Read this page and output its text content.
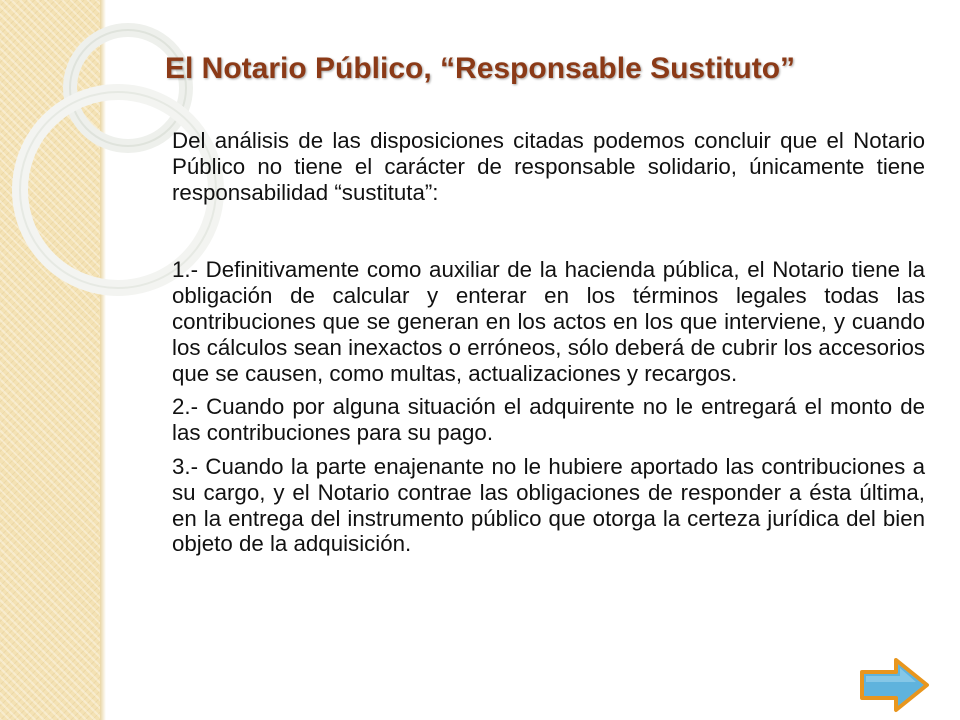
El Notario Público, “Responsable Sustituto”

Del análisis de las disposiciones citadas podemos concluir que el Notario Público no tiene el carácter de responsable solidario, únicamente tiene responsabilidad “sustituta”:

1.- Definitivamente como auxiliar de la hacienda pública, el Notario tiene la obligación de calcular y enterar en los términos legales todas las contribuciones que se generan en los actos en los que interviene, y cuando los cálculos sean inexactos o erróneos, sólo deberá de cubrir los accesorios que se causen, como multas, actualizaciones y recargos.

2.- Cuando por alguna situación el adquirente no le entregará el monto de las contribuciones para su pago.

3.- Cuando la parte enajenante no le hubiere aportado las contribuciones a su cargo, y el Notario contrae las obligaciones de responder a ésta última, en la entrega del instrumento público que otorga la certeza jurídica del bien objeto de la adquisición.
